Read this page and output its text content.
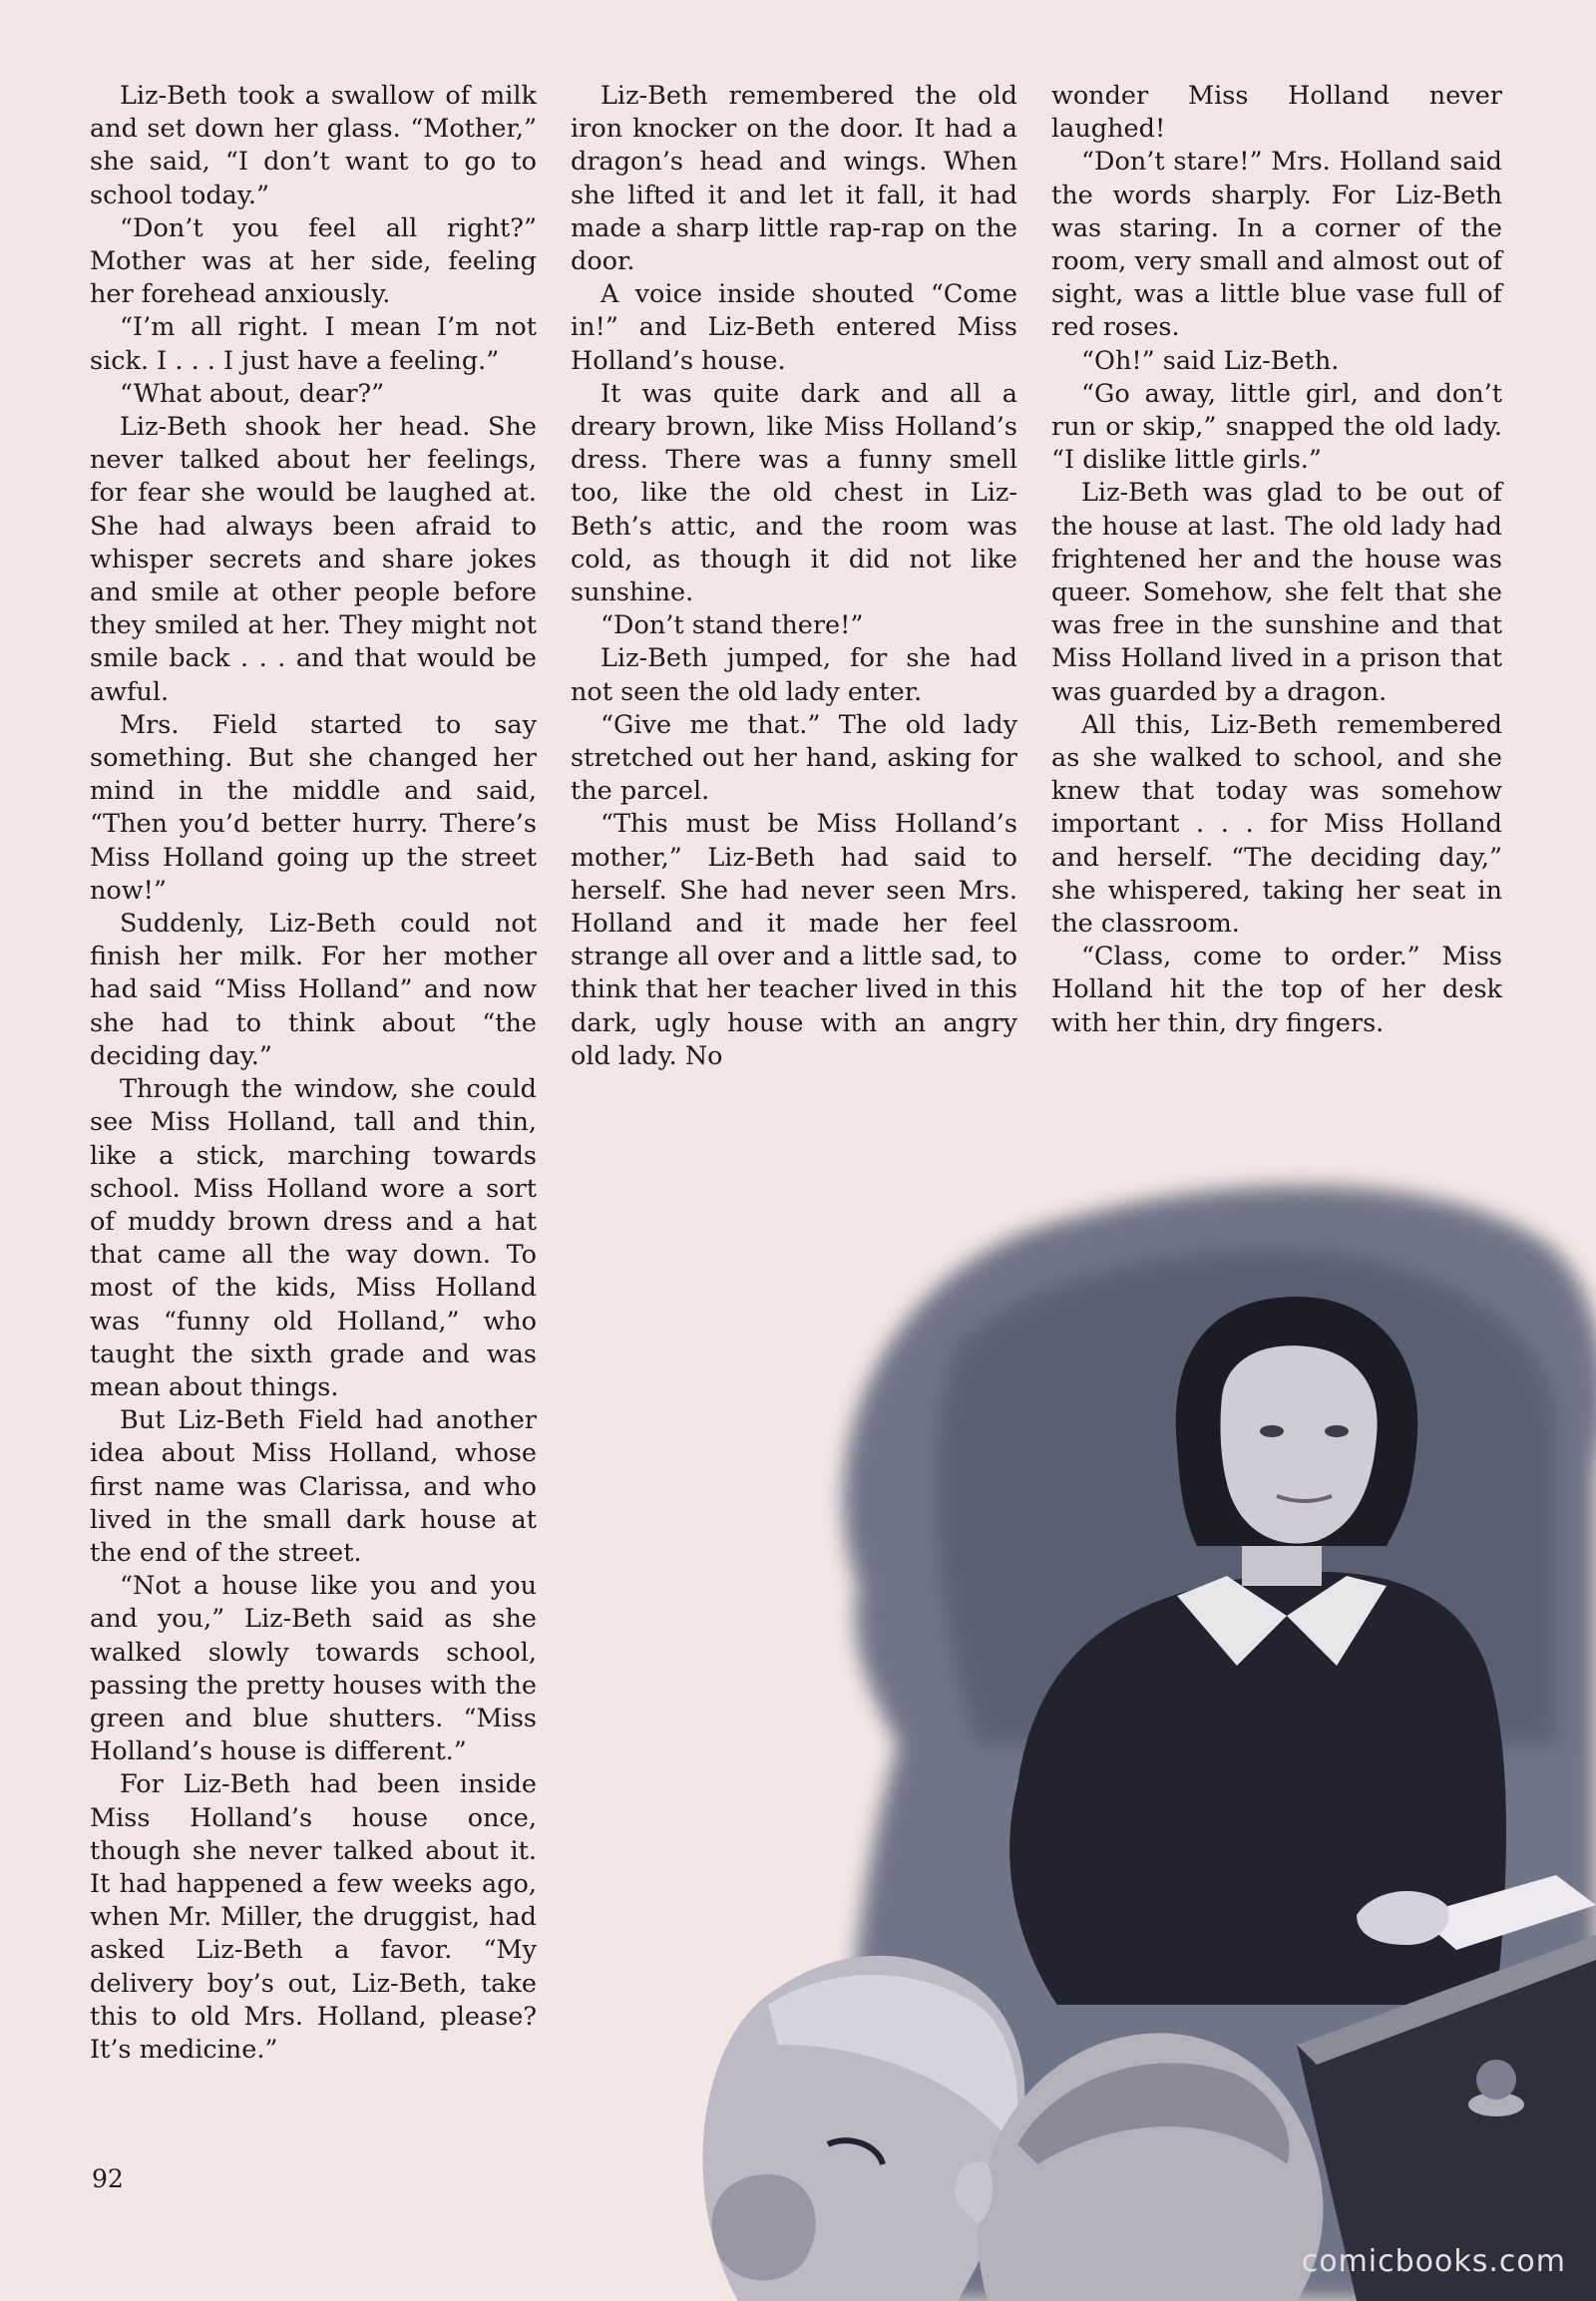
Liz-Beth took a swallow of milk and set down her glass. “Mother,” she said, “I don’t want to go to school today.”

“Don’t you feel all right?” Mother was at her side, feeling her forehead anxiously.

“I’m all right. I mean I’m not sick. I . . . I just have a feeling.”

“What about, dear?”

Liz-Beth shook her head. She never talked about her feelings, for fear she would be laughed at. She had always been afraid to whisper secrets and share jokes and smile at other people before they smiled at her. They might not smile back . . . and that would be awful.

Mrs. Field started to say something. But she changed her mind in the middle and said, “Then you’d better hurry. There’s Miss Holland going up the street now!”

Suddenly, Liz-Beth could not finish her milk. For her mother had said “Miss Holland” and now she had to think about “the deciding day.”

Through the window, she could see Miss Holland, tall and thin, like a stick, marching towards school. Miss Holland wore a sort of muddy brown dress and a hat that came all the way down. To most of the kids, Miss Holland was “funny old Holland,” who taught the sixth grade and was mean about things.

But Liz-Beth Field had another idea about Miss Holland, whose first name was Clarissa, and who lived in the small dark house at the end of the street.

“Not a house like you and you and you,” Liz-Beth said as she walked slowly towards school, passing the pretty houses with the green and blue shutters. “Miss Holland’s house is different.”

For Liz-Beth had been inside Miss Holland’s house once, though she never talked about it. It had happened a few weeks ago, when Mr. Miller, the druggist, had asked Liz-Beth a favor. “My delivery boy’s out, Liz-Beth, take this to old Mrs. Holland, please? It’s medicine.”

Liz-Beth remembered the old iron knocker on the door. It had a dragon’s head and wings. When she lifted it and let it fall, it had made a sharp little rap-rap on the door.

A voice inside shouted “Come in!” and Liz-Beth entered Miss Holland’s house.

It was quite dark and all a dreary brown, like Miss Holland’s dress. There was a funny smell too, like the old chest in Liz-Beth’s attic, and the room was cold, as though it did not like sunshine.

“Don’t stand there!”

Liz-Beth jumped, for she had not seen the old lady enter.

“Give me that.” The old lady stretched out her hand, asking for the parcel.

“This must be Miss Holland’s mother,” Liz-Beth had said to herself. She had never seen Mrs. Holland and it made her feel strange all over and a little sad, to think that her teacher lived in this dark, ugly house with an angry old lady. No

wonder Miss Holland never laughed!

“Don’t stare!” Mrs. Holland said the words sharply. For Liz-Beth was staring. In a corner of the room, very small and almost out of sight, was a little blue vase full of red roses.

“Oh!” said Liz-Beth.

“Go away, little girl, and don’t run or skip,” snapped the old lady. “I dislike little girls.”

Liz-Beth was glad to be out of the house at last. The old lady had frightened her and the house was queer. Somehow, she felt that she was free in the sunshine and that Miss Holland lived in a prison that was guarded by a dragon.

All this, Liz-Beth remembered as she walked to school, and she knew that today was somehow important . . . for Miss Holland and herself. “The deciding day,” she whispered, taking her seat in the classroom.

“Class, come to order.” Miss Holland hit the top of her desk with her thin, dry fingers.

92
comicbooks.com
